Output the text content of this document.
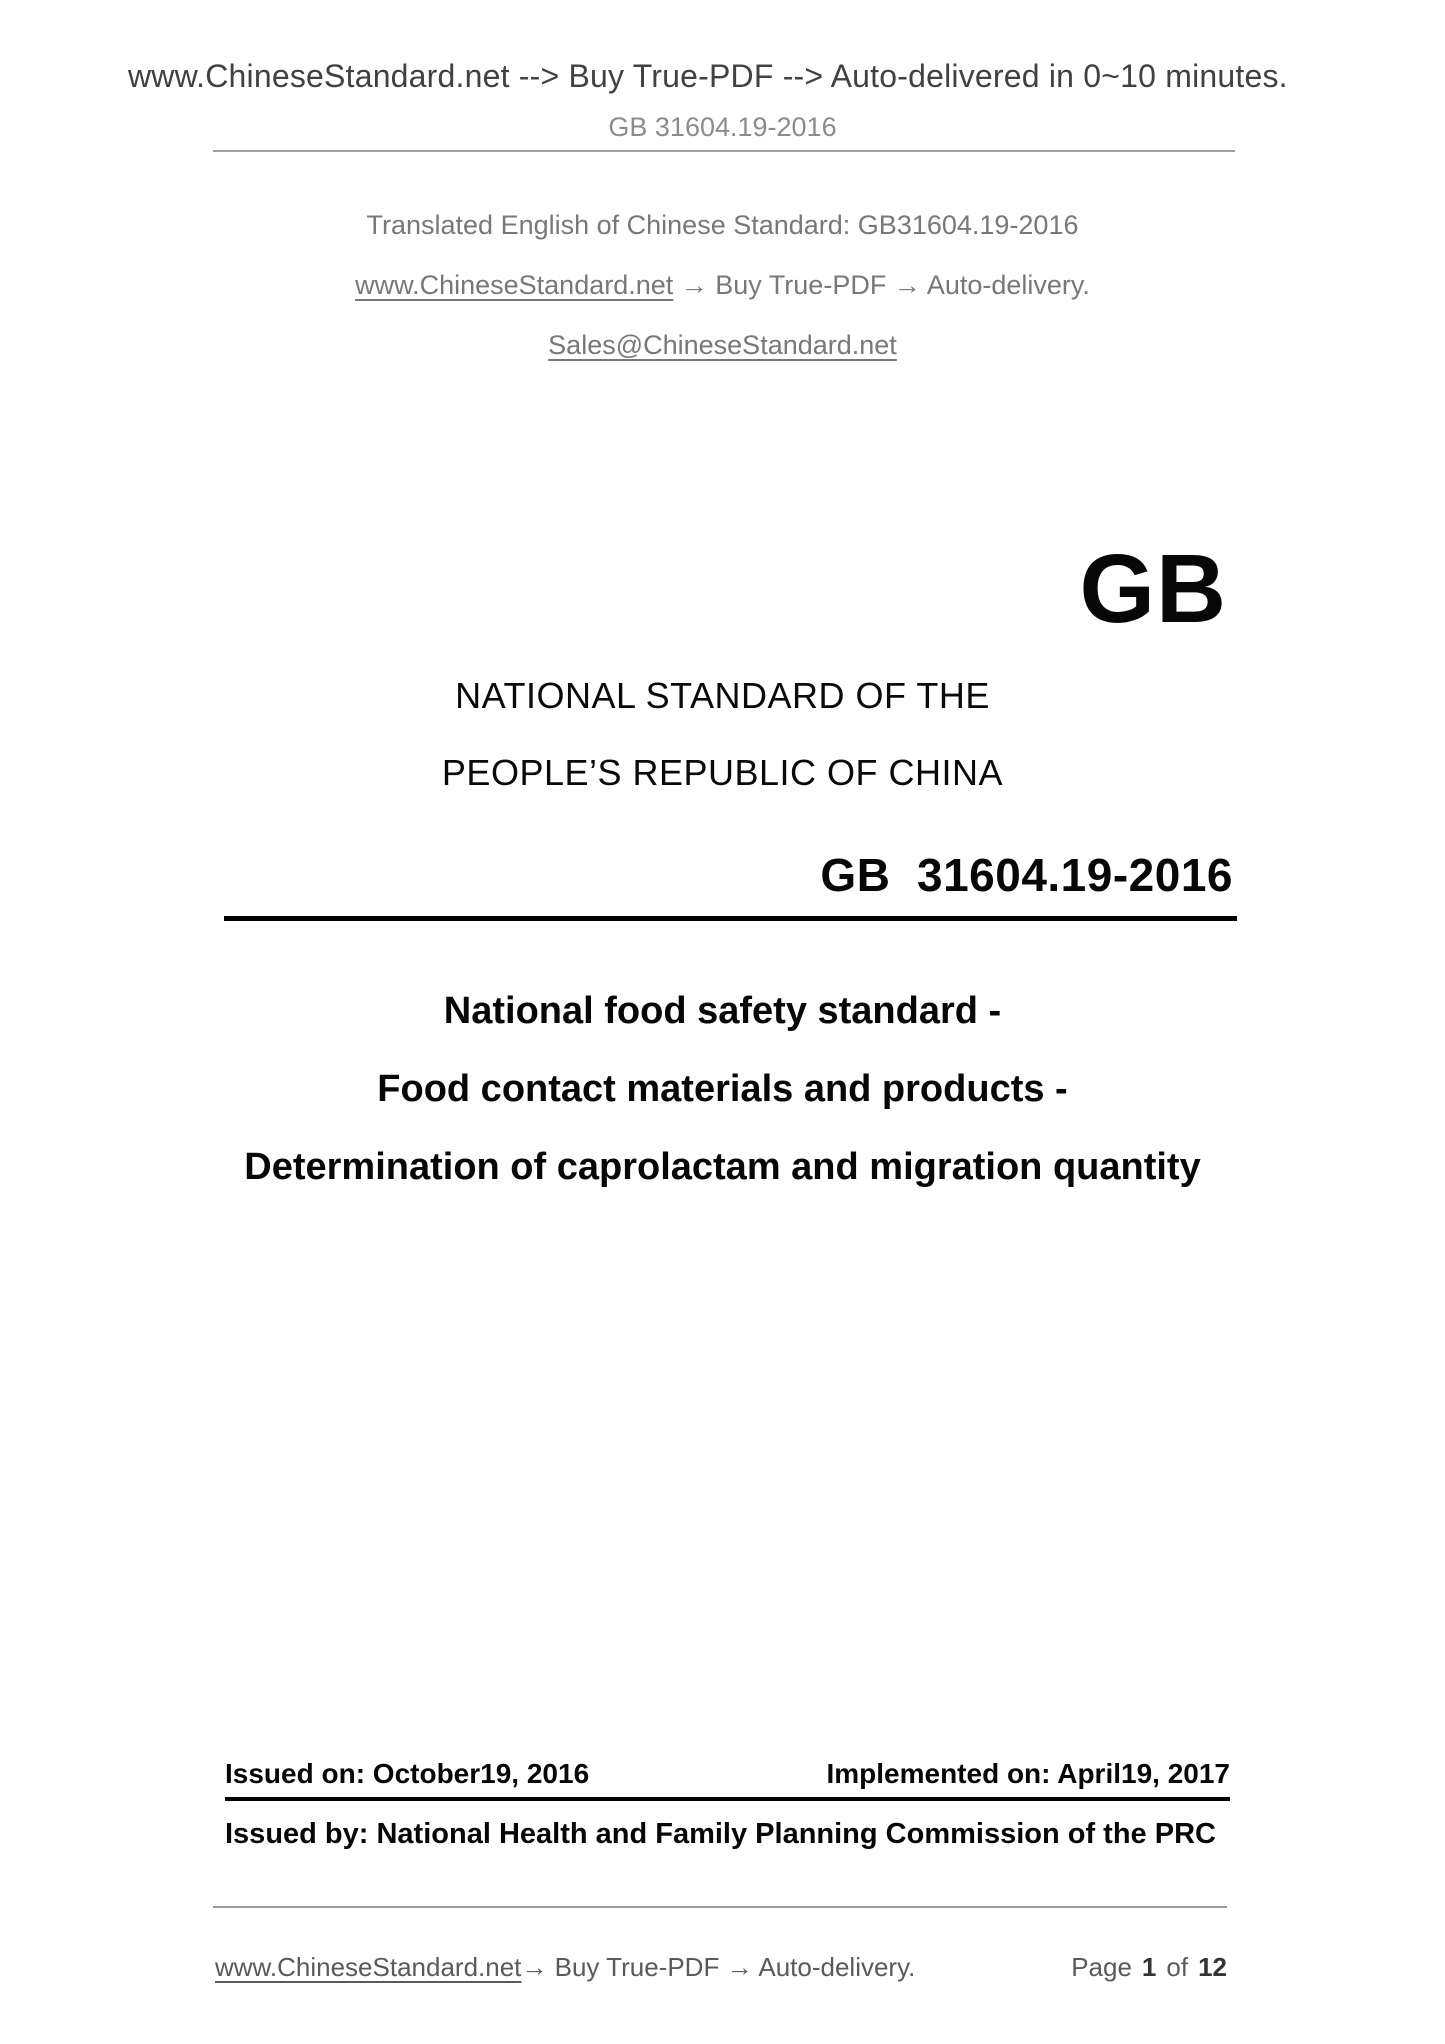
www.ChineseStandard.net --> Buy True-PDF --> Auto-delivered in 0~10 minutes.
GB 31604.19-2016
Translated English of Chinese Standard: GB31604.19-2016
www.ChineseStandard.net → Buy True-PDF → Auto-delivery.
Sales@ChineseStandard.net
GB
NATIONAL STANDARD OF THE
PEOPLE’S REPUBLIC OF CHINA
GB  31604.19-2016
National food safety standard -
Food contact materials and products -
Determination of caprolactam and migration quantity
Issued on: October19, 2016	Implemented on: April19, 2017
Issued by: National Health and Family Planning Commission of the PRC
www.ChineseStandard.net→ Buy True-PDF → Auto-delivery.	Page 1 of 12
